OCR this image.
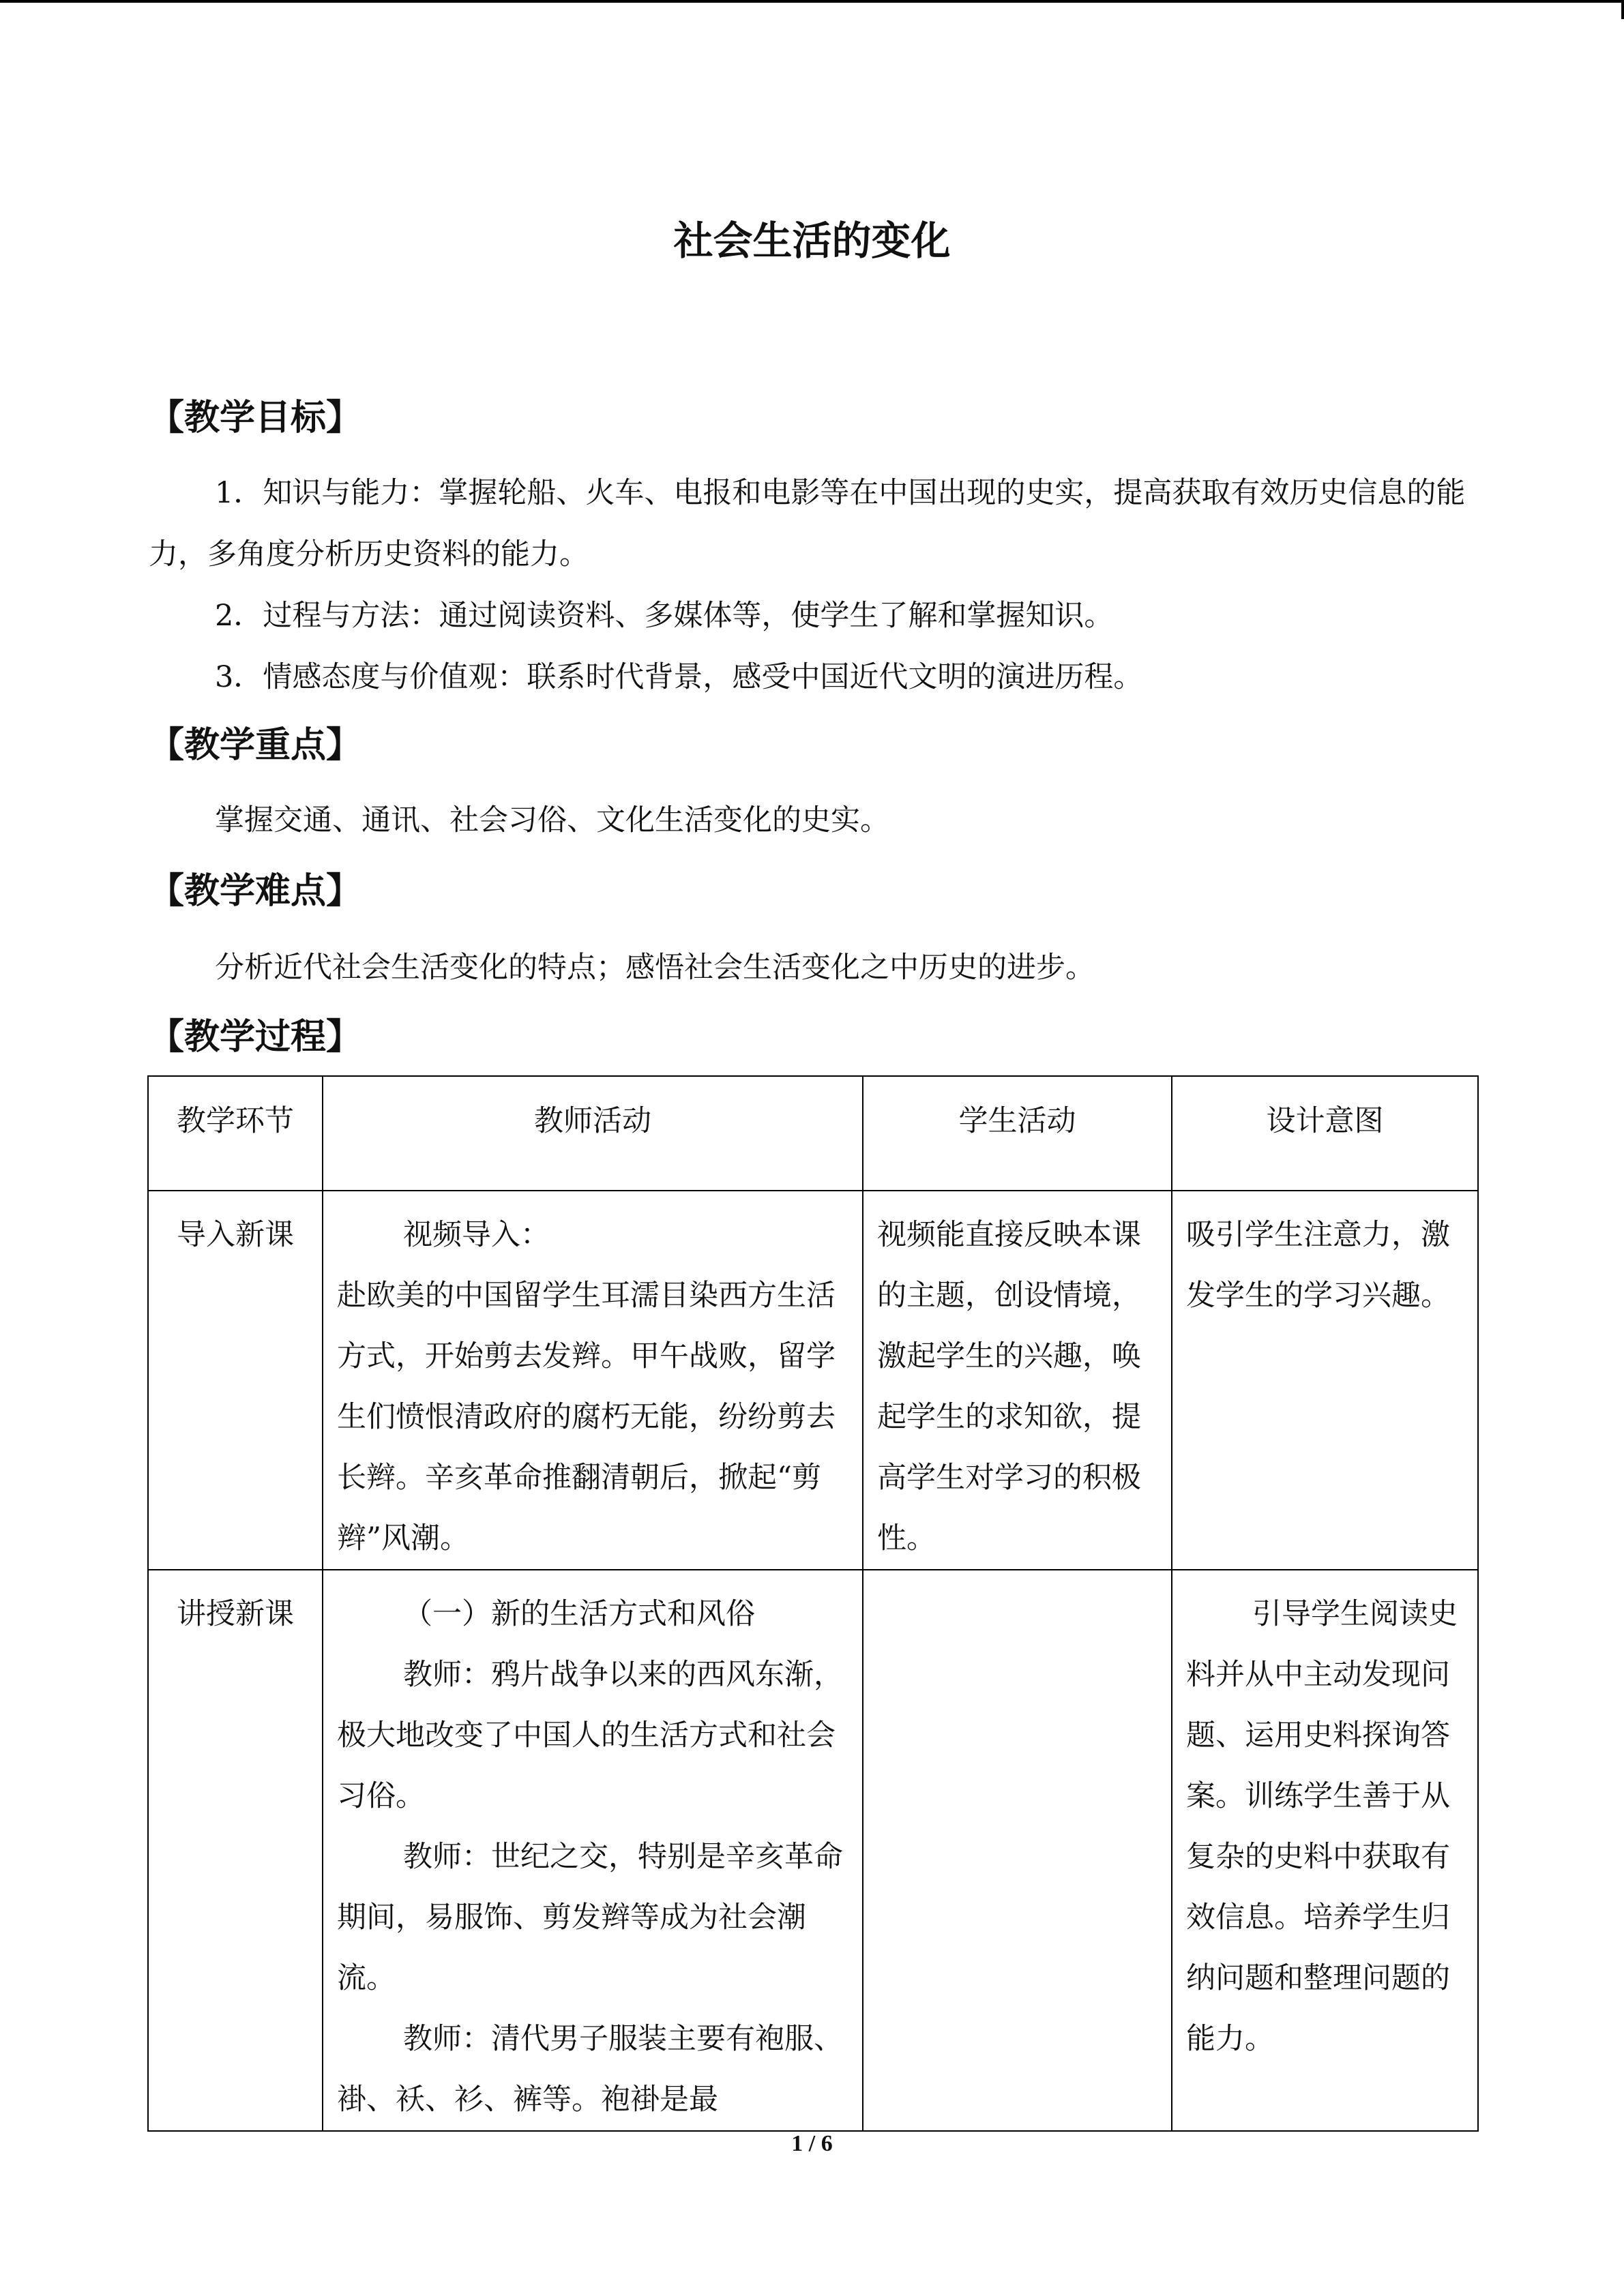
社会生活的变化
【教学目标】

1．知识与能力：掌握轮船、火车、电报和电影等在中国出现的史实，提高获取有效历史信息的能力，多角度分析历史资料的能力。

2．过程与方法：通过阅读资料、多媒体等，使学生了解和掌握知识。

3．情感态度与价值观：联系时代背景，感受中国近代文明的演进历程。

【教学重点】

掌握交通、通讯、社会习俗、文化生活变化的史实。

【教学难点】

分析近代社会生活变化的特点；感悟社会生活变化之中历史的进步。

【教学过程】
教学环节	教师活动	学生活动	设计意图
导入新课	视频导入：

赴欧美的中国留学生耳濡目染西方生活方式，开始剪去发辫。甲午战败，留学生们愤恨清政府的腐朽无能，纷纷剪去长辫。辛亥革命推翻清朝后，掀起“剪辫”风潮。	视频能直接反映本课的主题，创设情境，激起学生的兴趣，唤起学生的求知欲，提高学生对学习的积极性。	吸引学生注意力，激发学生的学习兴趣。
讲授新课	（一）新的生活方式和风俗

教师：鸦片战争以来的西风东渐，极大地改变了中国人的生活方式和社会习俗。

教师：世纪之交，特别是辛亥革命期间，易服饰、剪发辫等成为社会潮流。

教师：清代男子服装主要有袍服、褂、袄、衫、裤等。袍褂是最		引导学生阅读史料并从中主动发现问题、运用史料探询答案。训练学生善于从复杂的史料中获取有效信息。培养学生归纳问题和整理问题的能力。

1 / 6
